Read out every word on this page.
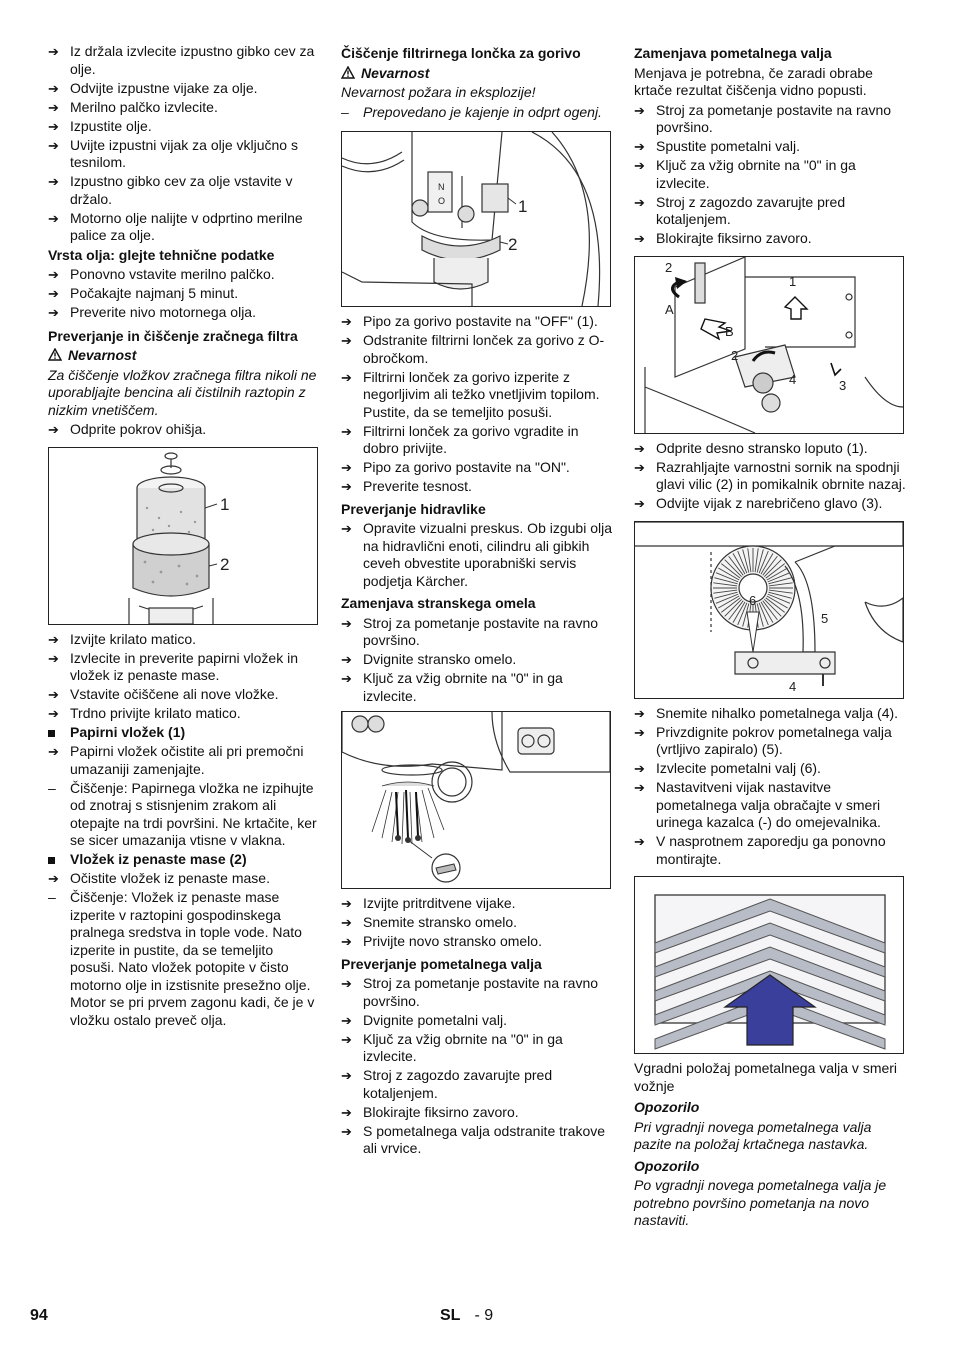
➔ Iz držala izvlecite izpustno gibko cev za olje.
➔ Odvijte izpustne vijake za olje.
➔ Merilno palčko izvlecite.
➔ Izpustite olje.
➔ Uvijte izpustni vijak za olje vključno s tesnilom.
➔ Izpustno gibko cev za olje vstavite v držalo.
➔ Motorno olje nalijte v odprtino merilne palice za olje.
Vrsta olja: glejte tehnične podatke
➔ Ponovno vstavite merilno palčko.
➔ Počakajte najmanj 5 minut.
➔ Preverite nivo motornega olja.
Preverjanje in čiščenje zračnega filtra
Nevarnost
Za čiščenje vložkov zračnega filtra nikoli ne uporabljajte bencina ali čistilnih raztopin z nizkim vnetiščem.
➔ Odprite pokrov ohišja.
1
2
➔ Izvijte krilato matico.
➔ Izvlecite in preverite papirni vložek in vložek iz penaste mase.
➔ Vstavite očiščene ali nove vložke.
➔ Trdno privijte krilato matico.
Papirni vložek (1)
➔ Papirni vložek očistite ali pri premočni umazaniji zamenjajte.
–	Čiščenje: Papirnega vložka ne izpihujte od znotraj s stisnjenim zrakom ali otepajte na trdi površini. Ne krtačite, ker se sicer umazanija vtisne v vlakna.
Vložek iz penaste mase (2)
➔ Očistite vložek iz penaste mase.
–	Čiščenje: Vložek iz penaste mase izperite v raztopini gospodinskega pralnega sredstva in tople vode. Nato izperite in pustite, da se temeljito posuši. Nato vložek potopite v čisto motorno olje in izstisnite presežno olje. Motor se pri prvem zagonu kadi, če je v vložku ostalo preveč olja.
Čiščenje filtrirnega lončka za gorivo
Nevarnost
Nevarnost požara in eksplozije!
–	Prepovedano je kajenje in odprt ogenj.
N
O	1
2
➔ Pipo za gorivo postavite na "OFF" (1).
➔ Odstranite filtrirni lonček za gorivo z O-obročkom.
➔ Filtrirni lonček za gorivo izperite z negorljivim ali težko vnetljivim topilom. Pustite, da se temeljito posuši.
➔ Filtrirni lonček za gorivo vgradite in dobro privijte.
➔ Pipo za gorivo postavite na "ON".
➔ Preverite tesnost.
Preverjanje hidravlike
➔ Opravite vizualni preskus. Ob izgubi olja na hidravlični enoti, cilindru ali gibkih ceveh obvestite uporabniški servis podjetja Kärcher.
Zamenjava stranskega omela
➔ Stroj za pometanje postavite na ravno površino.
➔ Dvignite stransko omelo.
➔ Ključ za vžig obrnite na "0" in ga izvlecite.
➔ Izvijte pritrditvene vijake.
➔ Snemite stransko omelo.
➔ Privijte novo stransko omelo.
Preverjanje pometalnega valja
➔ Stroj za pometanje postavite na ravno površino.
➔ Dvignite pometalni valj.
➔ Ključ za vžig obrnite na "0" in ga izvlecite.
➔ Stroj z zagozdo zavarujte pred kotaljenjem.
➔ Blokirajte fiksirno zavoro.
➔ S pometalnega valja odstranite trakove ali vrvice.
Zamenjava pometalnega valja
Menjava je potrebna, če zaradi obrabe krtače rezultat čiščenja vidno popusti.
➔ Stroj za pometanje postavite na ravno površino.
➔ Spustite pometalni valj.
➔ Ključ za vžig obrnite na "0" in ga izvlecite.
➔ Stroj z zagozdo zavarujte pred kotaljenjem.
➔ Blokirajte fiksirno zavoro.
2
A
1
B
2
4	3
➔ Odprite desno stransko loputo (1).
➔ Razrahljajte varnostni sornik na spodnji glavi vilic (2) in pomikalnik obrnite nazaj.
➔ Odvijte vijak z narebričeno glavo (3).
6
5
4
➔ Snemite nihalko pometalnega valja (4).
➔ Privzdignite pokrov pometalnega valja (vrtljivo zapiralo) (5).
➔ Izvlecite pometalni valj (6).
➔ Nastavitveni vijak nastavitve pometalnega valja obračajte v smeri urinega kazalca (-) do omejevalnika.
➔ V nasprotnem zaporedju ga ponovno montirajte.
Vgradni položaj pometalnega valja v smeri vožnje
Opozorilo
Pri vgradnji novega pometalnega valja pazite na položaj krtačnega nastavka.
Opozorilo
Po vgradnji novega pometalnega valja je potrebno površino pometanja na novo nastaviti.
94	SL - 9
